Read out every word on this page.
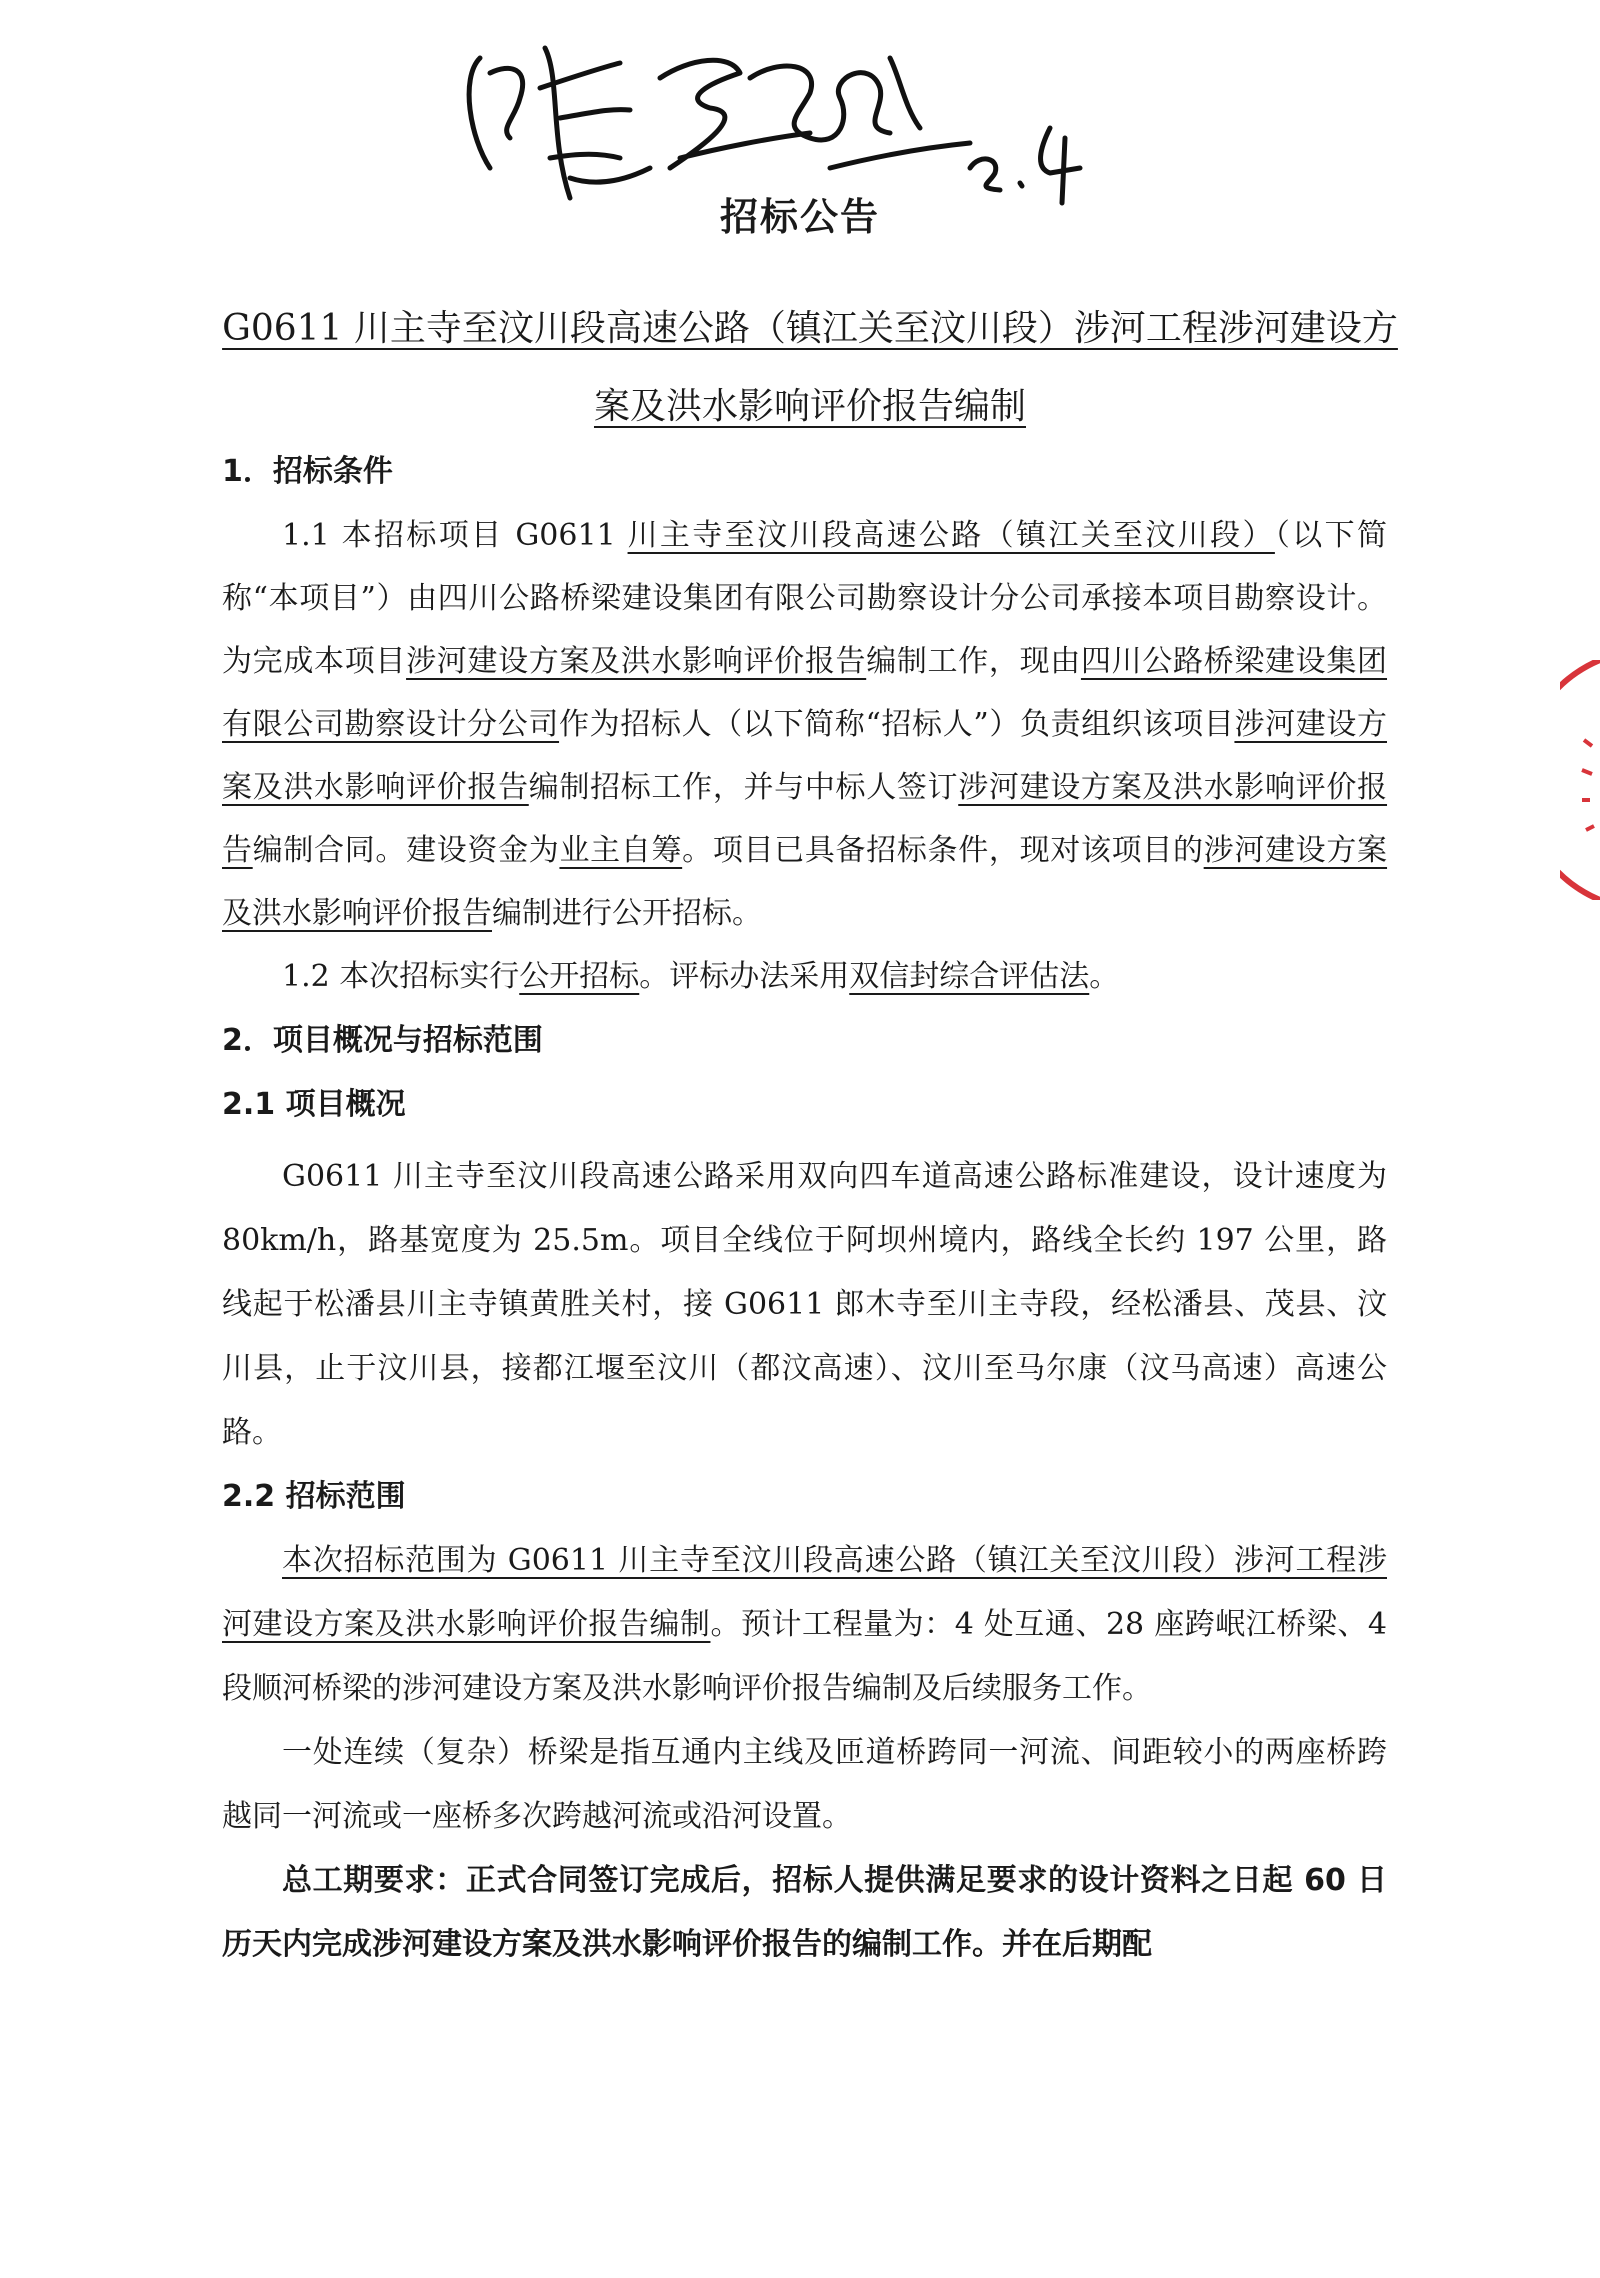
招标公告
G0611 川主寺至汶川段高速公路（镇江关至汶川段）涉河工程涉河建设方案及洪水影响评价报告编制

1．招标条件

1.1 本招标项目 G0611 川主寺至汶川段高速公路（镇江关至汶川段）（以下简称“本项目”）由四川公路桥梁建设集团有限公司勘察设计分公司承接本项目勘察设计。为完成本项目涉河建设方案及洪水影响评价报告编制工作，现由四川公路桥梁建设集团有限公司勘察设计分公司作为招标人（以下简称“招标人”）负责组织该项目涉河建设方案及洪水影响评价报告编制招标工作，并与中标人签订涉河建设方案及洪水影响评价报告编制合同。建设资金为业主自筹。项目已具备招标条件，现对该项目的涉河建设方案及洪水影响评价报告编制进行公开招标。

1.2 本次招标实行公开招标。评标办法采用双信封综合评估法。

2．项目概况与招标范围

2.1 项目概况

G0611 川主寺至汶川段高速公路采用双向四车道高速公路标准建设，设计速度为 80km/h，路基宽度为 25.5m。项目全线位于阿坝州境内，路线全长约 197 公里，路线起于松潘县川主寺镇黄胜关村，接 G0611 郎木寺至川主寺段，经松潘县、茂县、汶川县，止于汶川县，接都江堰至汶川（都汶高速）、汶川至马尔康（汶马高速）高速公路。

2.2 招标范围

本次招标范围为 G0611 川主寺至汶川段高速公路（镇江关至汶川段）涉河工程涉河建设方案及洪水影响评价报告编制。预计工程量为：4 处互通、28 座跨岷江桥梁、4 段顺河桥梁的涉河建设方案及洪水影响评价报告编制及后续服务工作。

一处连续（复杂）桥梁是指互通内主线及匝道桥跨同一河流、间距较小的两座桥跨越同一河流或一座桥多次跨越河流或沿河设置。

总工期要求：正式合同签订完成后，招标人提供满足要求的设计资料之日起 60 日历天内完成涉河建设方案及洪水影响评价报告的编制工作。并在后期配
